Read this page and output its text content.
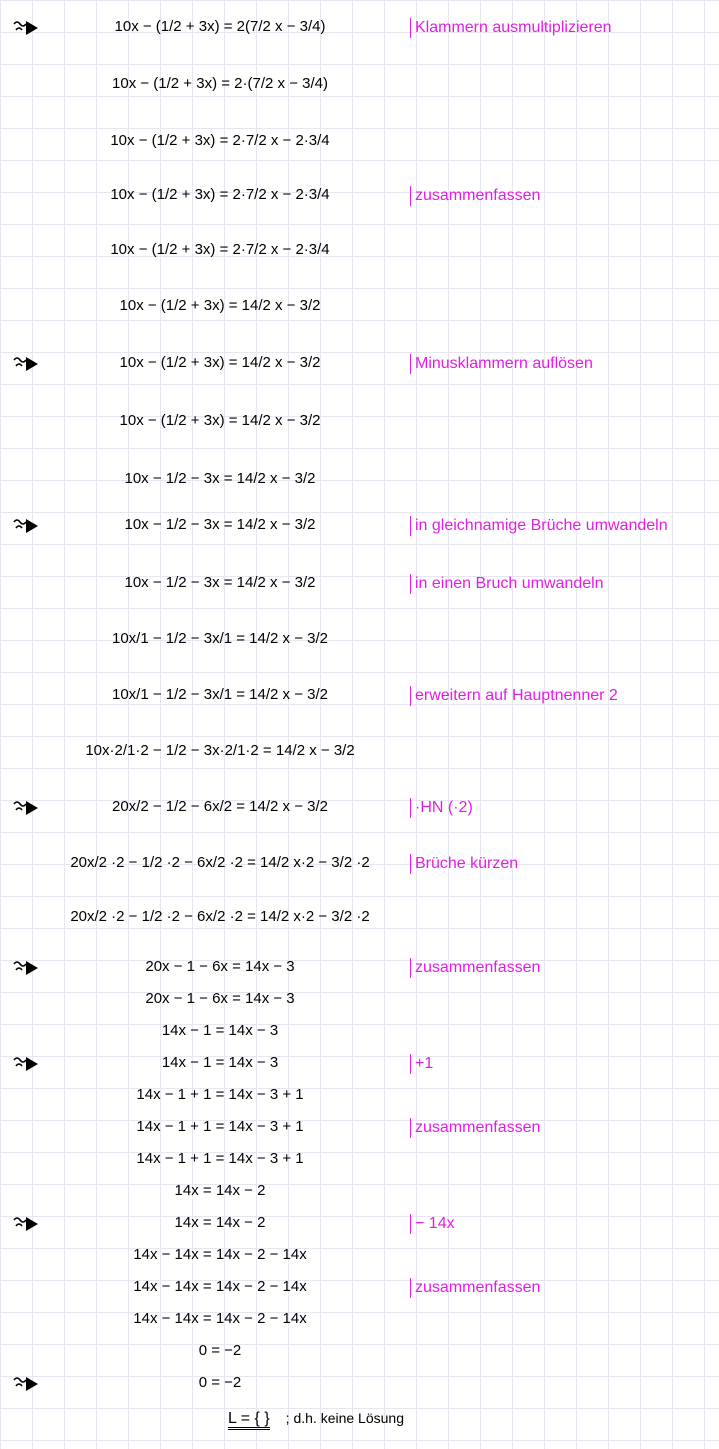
10x − (1/2 + 3x) = 2(7/2 x − 3/4)	Klammern ausmultiplizieren
10x − (1/2 + 3x) = 2·(7/2 x − 3/4)
10x − (1/2 + 3x) = 2·7/2 x − 2·3/4
10x − (1/2 + 3x) = 2·7/2 x − 2·3/4	zusammenfassen
10x − (1/2 + 3x) = 2·7/2 x − 2·3/4
10x − (1/2 + 3x) = 14/2 x − 3/2
10x − (1/2 + 3x) = 14/2 x − 3/2	Minusklammern auflösen
10x − (1/2 + 3x) = 14/2 x − 3/2
10x − 1/2 − 3x = 14/2 x − 3/2
10x − 1/2 − 3x = 14/2 x − 3/2	in gleichnamige Brüche umwandeln
10x − 1/2 − 3x = 14/2 x − 3/2	in einen Bruch umwandeln
10x/1 − 1/2 − 3x/1 = 14/2 x − 3/2
10x/1 − 1/2 − 3x/1 = 14/2 x − 3/2	erweitern auf Hauptnenner 2
10x·2/1·2 − 1/2 − 3x·2/1·2 = 14/2 x − 3/2
20x/2 − 1/2 − 6x/2 = 14/2 x − 3/2	·HN (·2)
20x/2 ·2 − 1/2 ·2 − 6x/2 ·2 = 14/2 x·2 − 3/2 ·2	Brüche kürzen
20x/2 ·2 − 1/2 ·2 − 6x/2 ·2 = 14/2 x·2 − 3/2 ·2
20x − 1 − 6x = 14x − 3	zusammenfassen
20x − 1 − 6x = 14x − 3
14x − 1 = 14x − 3
14x − 1 = 14x − 3	+1
14x − 1 + 1 = 14x − 3 + 1
14x − 1 + 1 = 14x − 3 + 1	zusammenfassen
14x − 1 + 1 = 14x − 3 + 1
14x = 14x − 2
14x = 14x − 2	− 14x
14x − 14x = 14x − 2 − 14x
14x − 14x = 14x − 2 − 14x	zusammenfassen
14x − 14x = 14x − 2 − 14x
0 = −2
0 = −2
L = { } ; d.h. keine Lösung
